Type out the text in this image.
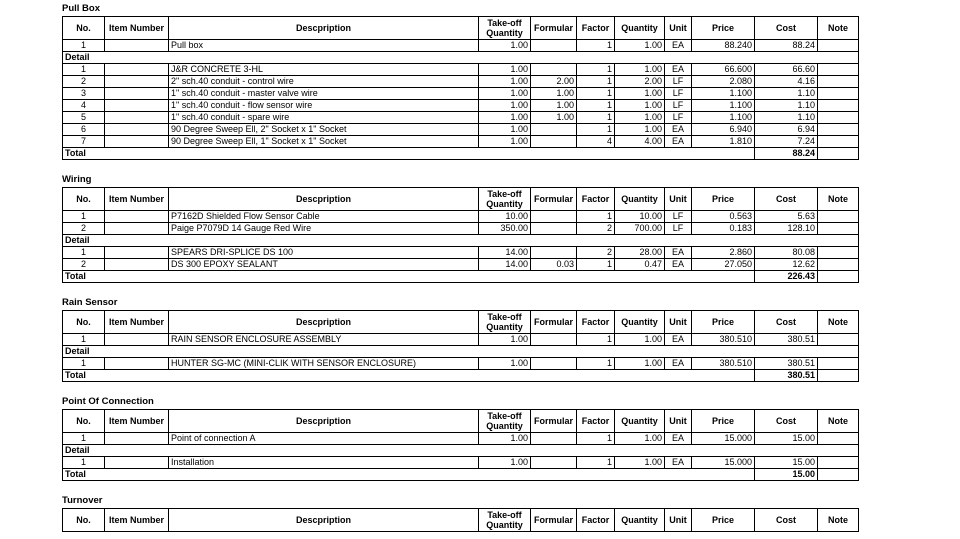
Pull Box
No.	Item Number	Descpription	Take-off Quantity	Formular	Factor	Quantity	Unit	Price	Cost	Note
1		Pull box	1.00		1	1.00	EA	88.240	88.24	
Detail										
1		J&R CONCRETE 3-HL	1.00		1	1.00	EA	66.600	66.60	
2		2" sch.40 conduit - control wire	1.00	2.00	1	2.00	LF	2.080	4.16	
3		1" sch.40 conduit - master valve wire	1.00	1.00	1	1.00	LF	1.100	1.10	
4		1" sch.40 conduit - flow sensor wire	1.00	1.00	1	1.00	LF	1.100	1.10	
5		1" sch.40 conduit - spare wire	1.00	1.00	1	1.00	LF	1.100	1.10	
6		90 Degree Sweep Ell, 2" Socket x 1" Socket	1.00		1	1.00	EA	6.940	6.94	
7		90 Degree Sweep Ell, 1" Socket x 1" Socket	1.00		4	4.00	EA	1.810	7.24	
Total									88.24	
Wiring
No.	Item Number	Descpription	Take-off Quantity	Formular	Factor	Quantity	Unit	Price	Cost	Note
1		P7162D Shielded Flow Sensor Cable	10.00		1	10.00	LF	0.563	5.63	
2		Paige P7079D 14 Gauge Red Wire	350.00		2	700.00	LF	0.183	128.10	
Detail										
1		SPEARS DRI-SPLICE DS 100	14.00		2	28.00	EA	2.860	80.08	
2		DS 300 EPOXY SEALANT	14.00	0.03	1	0.47	EA	27.050	12.62	
Total									226.43	
Rain Sensor
No.	Item Number	Descpription	Take-off Quantity	Formular	Factor	Quantity	Unit	Price	Cost	Note
1		RAIN SENSOR ENCLOSURE ASSEMBLY	1.00		1	1.00	EA	380.510	380.51	
Detail										
1		HUNTER SG-MC (MINI-CLIK WITH SENSOR ENCLOSURE)	1.00		1	1.00	EA	380.510	380.51	
Total									380.51	
Point Of Connection
No.	Item Number	Descpription	Take-off Quantity	Formular	Factor	Quantity	Unit	Price	Cost	Note
1		Point of connection A	1.00		1	1.00	EA	15.000	15.00	
Detail										
1		Installation	1.00		1	1.00	EA	15.000	15.00	
Total									15.00	
Turnover
No.	Item Number	Descpription	Take-off Quantity	Formular	Factor	Quantity	Unit	Price	Cost	Note
